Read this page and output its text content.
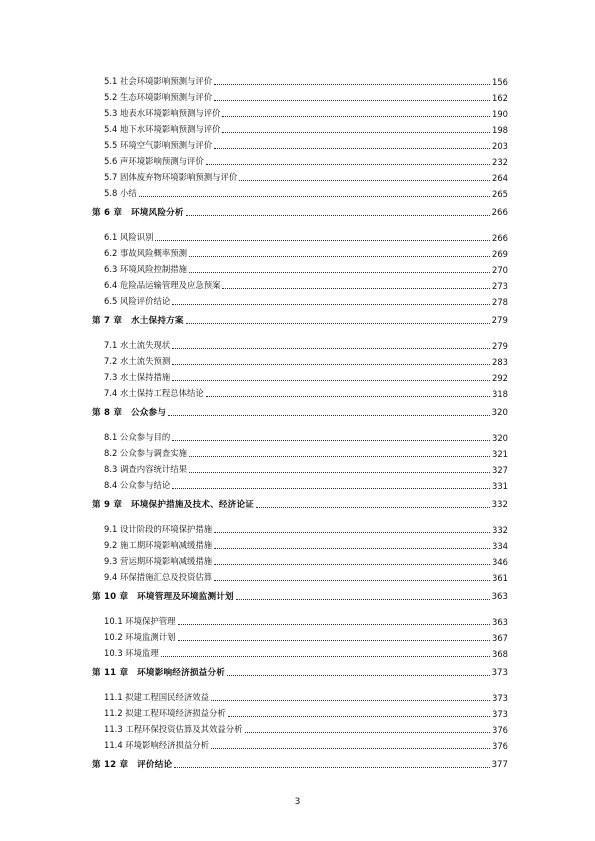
5.1 社会环境影响预测与评价	156
5.2 生态环境影响预测与评价	162
5.3 地表水环境影响预测与评价	190
5.4 地下水环境影响预测与评价	198
5.5 环境空气影响预测与评价	203
5.6 声环境影响预测与评价	232
5.7 固体废弃物环境影响预测与评价	264
5.8 小结	265
第 6 章　环境风险分析	266
6.1 风险识别	266
6.2 事故风险概率预测	269
6.3 环境风险控制措施	270
6.4 危险品运输管理及应急预案	273
6.5 风险评价结论	278
第 7 章　水土保持方案	279
7.1 水土流失现状	279
7.2 水土流失预测	283
7.3 水土保持措施	292
7.4 水土保持工程总体结论	318
第 8 章　公众参与	320
8.1 公众参与目的	320
8.2 公众参与调查实施	321
8.3 调查内容统计结果	327
8.4 公众参与结论	331
第 9 章　环境保护措施及技术、经济论证	332
9.1 设计阶段的环境保护措施	332
9.2 施工期环境影响减缓措施	334
9.3 营运期环境影响减缓措施	346
9.4 环保措施汇总及投资估算	361
第 10 章　环境管理及环境监测计划	363
10.1 环境保护管理	363
10.2 环境监测计划	367
10.3 环境监理	368
第 11 章　环境影响经济损益分析	373
11.1 拟建工程国民经济效益	373
11.2 拟建工程环境经济损益分析	373
11.3 工程环保投资估算及其效益分析	376
11.4 环境影响经济损益分析	376
第 12 章　评价结论	377
3
